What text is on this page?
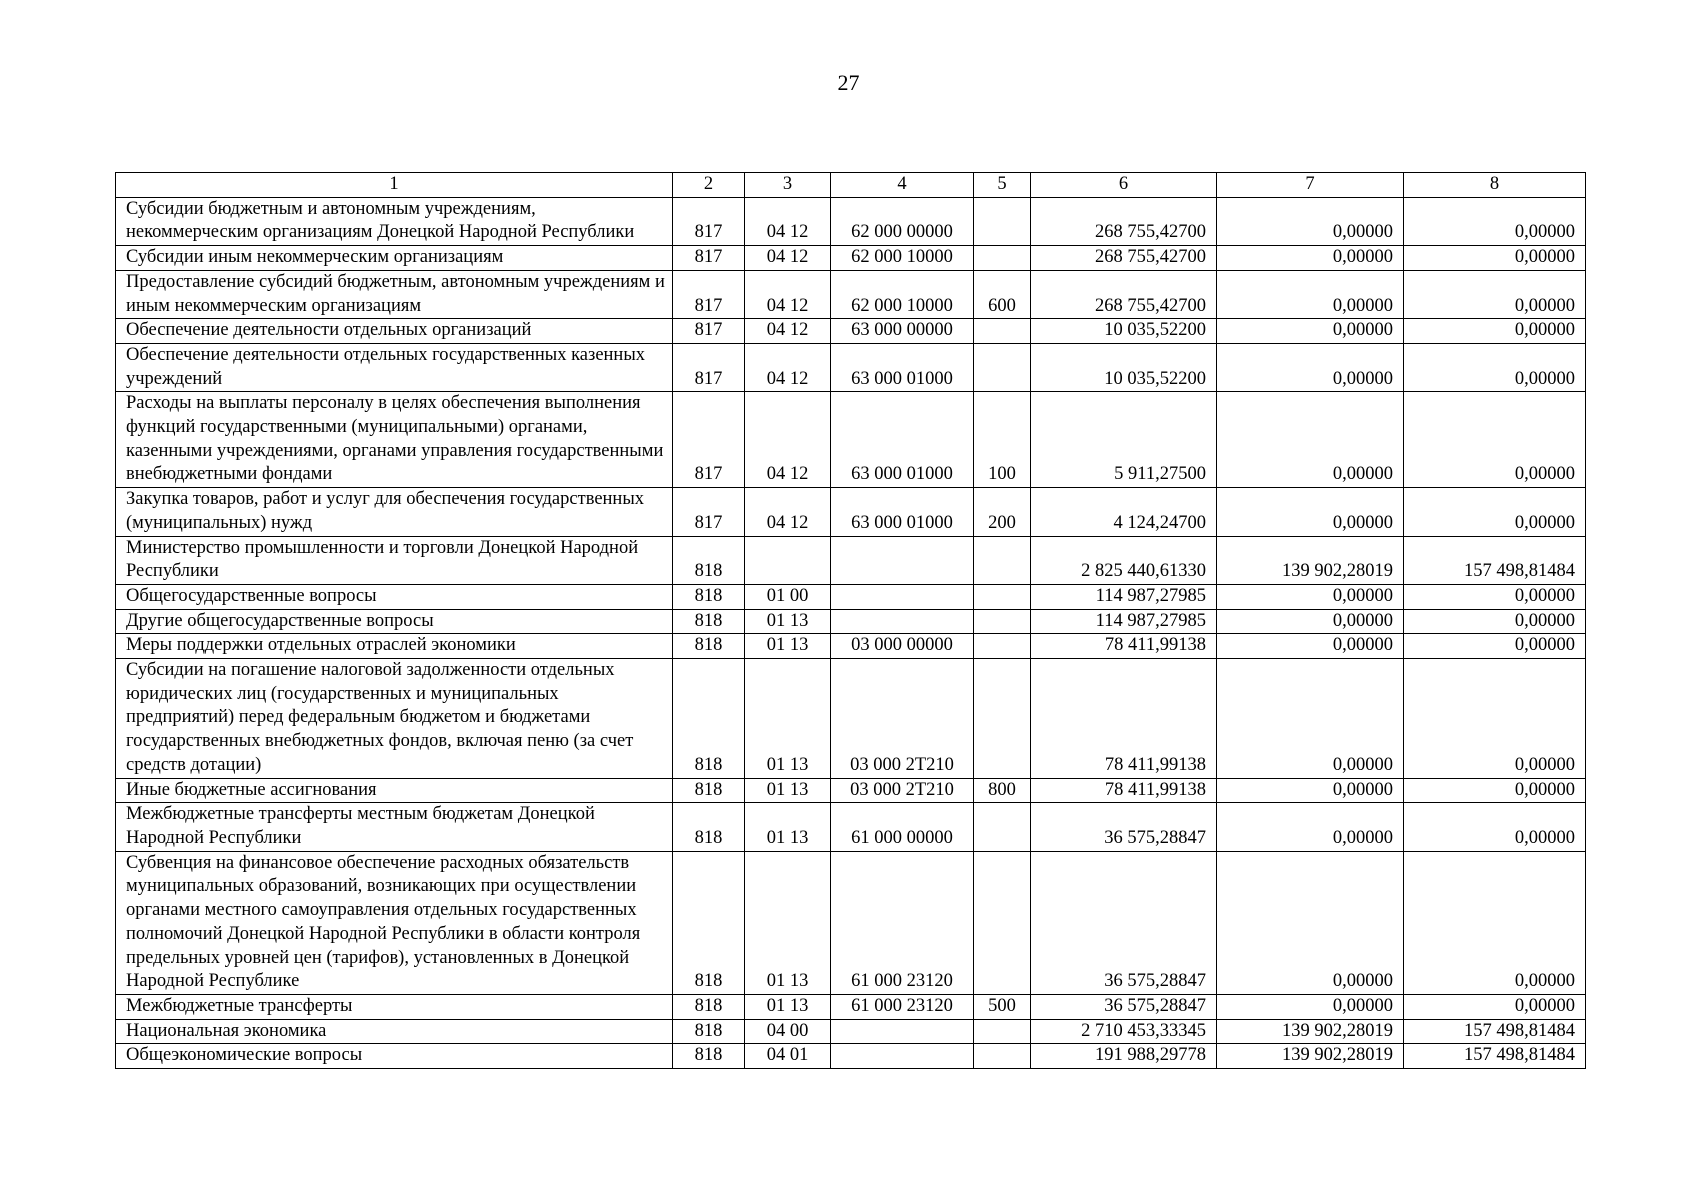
27
1	2	3	4	5	6	7	8
Субсидии бюджетным и автономным учреждениям, некоммерческим организациям Донецкой Народной Республики	817	04 12	62 000 00000		268 755,42700	0,00000	0,00000
Субсидии иным некоммерческим организациям	817	04 12	62 000 10000		268 755,42700	0,00000	0,00000
Предоставление субсидий бюджетным, автономным учреждениям и иным некоммерческим организациям	817	04 12	62 000 10000	600	268 755,42700	0,00000	0,00000
Обеспечение деятельности отдельных организаций	817	04 12	63 000 00000		10 035,52200	0,00000	0,00000
Обеспечение деятельности отдельных государственных казенных учреждений	817	04 12	63 000 01000		10 035,52200	0,00000	0,00000
Расходы на выплаты персоналу в целях обеспечения выполнения функций государственными (муниципальными) органами, казенными учреждениями, органами управления государственными внебюджетными фондами	817	04 12	63 000 01000	100	5 911,27500	0,00000	0,00000
Закупка товаров, работ и услуг для обеспечения государственных (муниципальных) нужд	817	04 12	63 000 01000	200	4 124,24700	0,00000	0,00000
Министерство промышленности и торговли Донецкой Народной Республики	818				2 825 440,61330	139 902,28019	157 498,81484
Общегосударственные вопросы	818	01 00			114 987,27985	0,00000	0,00000
Другие общегосударственные вопросы	818	01 13			114 987,27985	0,00000	0,00000
Меры поддержки отдельных отраслей экономики	818	01 13	03 000 00000		78 411,99138	0,00000	0,00000
Субсидии на погашение налоговой задолженности отдельных юридических лиц (государственных и муниципальных предприятий) перед федеральным бюджетом и бюджетами государственных внебюджетных фондов, включая пеню (за счет средств дотации)	818	01 13	03 000 2Т210		78 411,99138	0,00000	0,00000
Иные бюджетные ассигнования	818	01 13	03 000 2Т210	800	78 411,99138	0,00000	0,00000
Межбюджетные трансферты местным бюджетам Донецкой Народной Республики	818	01 13	61 000 00000		36 575,28847	0,00000	0,00000
Субвенция на финансовое обеспечение расходных обязательств муниципальных образований, возникающих при осуществлении органами местного самоуправления отдельных государственных полномочий Донецкой Народной Республики в области контроля предельных уровней цен (тарифов), установленных в Донецкой Народной Республике	818	01 13	61 000 23120		36 575,28847	0,00000	0,00000
Межбюджетные трансферты	818	01 13	61 000 23120	500	36 575,28847	0,00000	0,00000
Национальная экономика	818	04 00			2 710 453,33345	139 902,28019	157 498,81484
Общеэкономические вопросы	818	04 01			191 988,29778	139 902,28019	157 498,81484
